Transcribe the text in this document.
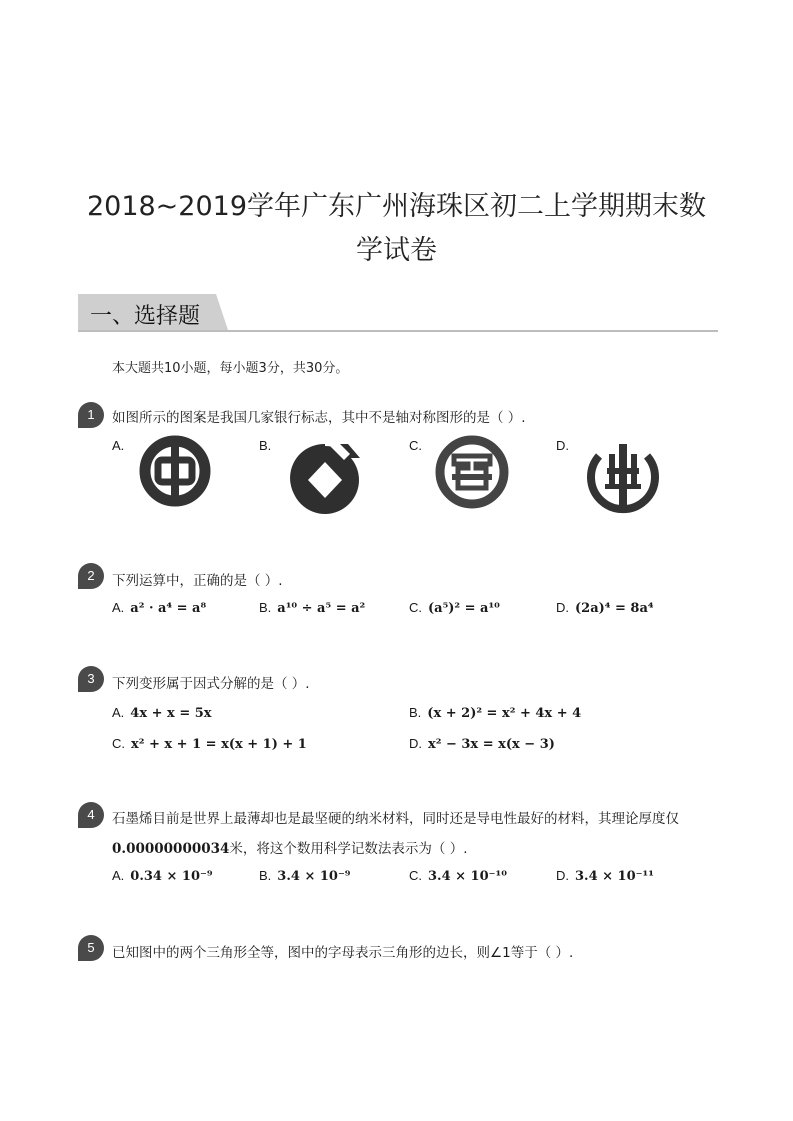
2018~2019学年广东广州海珠区初二上学期期末数
学试卷
一、选择题
本大题共10小题，每小题3分，共30分。
1	如图所示的图案是我国几家银行标志，其中不是轴对称图形的是（ ）.
A.	B.	C.	D.
2	下列运算中，正确的是（ ）.
A. a² · a⁴ = a⁸	B. a¹⁰ ÷ a⁵ = a²	C. (a⁵)² = a¹⁰	D. (2a)⁴ = 8a⁴
3	下列变形属于因式分解的是（ ）.
A. 4x + x = 5x	B. (x + 2)² = x² + 4x + 4
C. x² + x + 1 = x(x + 1) + 1	D. x² − 3x = x(x − 3)
4	石墨烯目前是世界上最薄却也是最坚硬的纳米材料，同时还是导电性最好的材料，其理论厚度仅
0.00000000034米，将这个数用科学记数法表示为（ ）.
A. 0.34 × 10⁻⁹	B. 3.4 × 10⁻⁹	C. 3.4 × 10⁻¹⁰	D. 3.4 × 10⁻¹¹
5	已知图中的两个三角形全等，图中的字母表示三角形的边长，则∠1等于（ ）.
